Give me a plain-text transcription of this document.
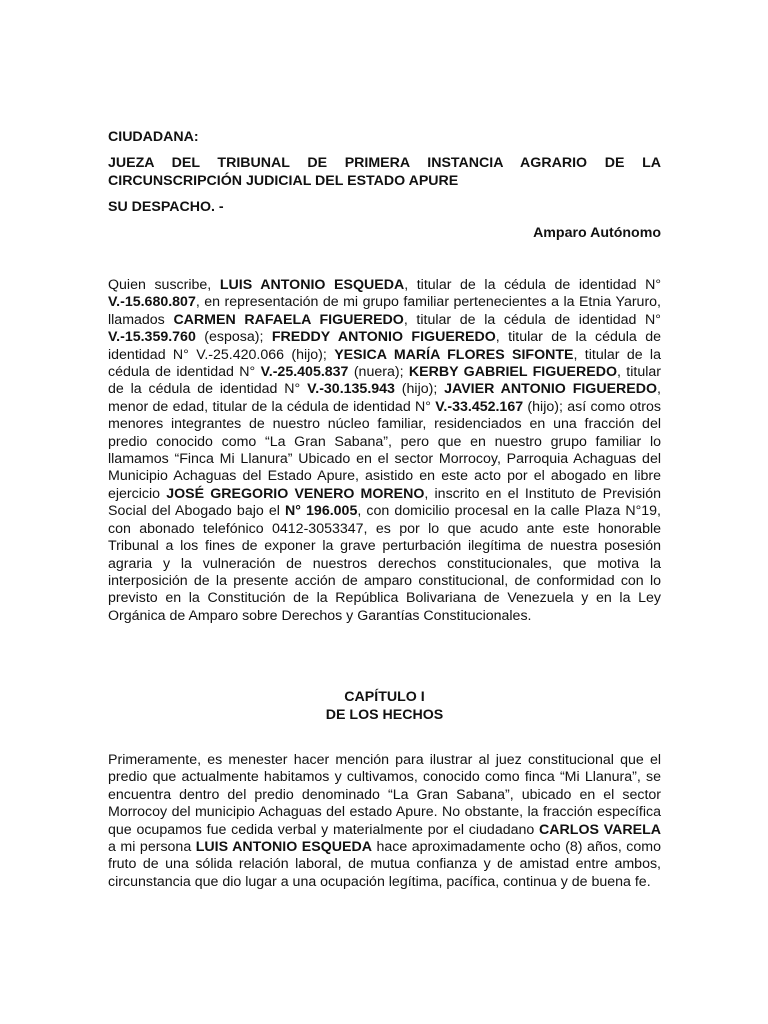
CIUDADANA:
JUEZA DEL TRIBUNAL DE PRIMERA INSTANCIA AGRARIO DE LA CIRCUNSCRIPCIÓN JUDICIAL DEL ESTADO APURE
SU DESPACHO. -
Amparo Autónomo
Quien suscribe, LUIS ANTONIO ESQUEDA, titular de la cédula de identidad N° V.-15.680.807, en representación de mi grupo familiar pertenecientes a la Etnia Yaruro, llamados CARMEN RAFAELA FIGUEREDO, titular de la cédula de identidad N° V.-15.359.760 (esposa); FREDDY ANTONIO FIGUEREDO, titular de la cédula de identidad N° V.-25.420.066 (hijo); YESICA MARÍA FLORES SIFONTE, titular de la cédula de identidad N° V.-25.405.837 (nuera); KERBY GABRIEL FIGUEREDO, titular de la cédula de identidad N° V.-30.135.943 (hijo); JAVIER ANTONIO FIGUEREDO, menor de edad, titular de la cédula de identidad N° V.-33.452.167 (hijo); así como otros menores integrantes de nuestro núcleo familiar, residenciados en una fracción del predio conocido como “La Gran Sabana”, pero que en nuestro grupo familiar lo llamamos “Finca Mi Llanura” Ubicado en el sector Morrocoy, Parroquia Achaguas del Municipio Achaguas del Estado Apure, asistido en este acto por el abogado en libre ejercicio JOSÉ GREGORIO VENERO MORENO, inscrito en el Instituto de Previsión Social del Abogado bajo el N° 196.005, con domicilio procesal en la calle Plaza N°19, con abonado telefónico 0412-3053347, es por lo que acudo ante este honorable Tribunal a los fines de exponer la grave perturbación ilegítima de nuestra posesión agraria y la vulneración de nuestros derechos constitucionales, que motiva la interposición de la presente acción de amparo constitucional, de conformidad con lo previsto en la Constitución de la República Bolivariana de Venezuela y en la Ley Orgánica de Amparo sobre Derechos y Garantías Constitucionales.
CAPÍTULO I
DE LOS HECHOS
Primeramente, es menester hacer mención para ilustrar al juez constitucional que el predio que actualmente habitamos y cultivamos, conocido como finca “Mi Llanura”, se encuentra dentro del predio denominado “La Gran Sabana”, ubicado en el sector Morrocoy del municipio Achaguas del estado Apure. No obstante, la fracción específica que ocupamos fue cedida verbal y materialmente por el ciudadano CARLOS VARELA a mi persona LUIS ANTONIO ESQUEDA hace aproximadamente ocho (8) años, como fruto de una sólida relación laboral, de mutua confianza y de amistad entre ambos, circunstancia que dio lugar a una ocupación legítima, pacífica, continua y de buena fe.
